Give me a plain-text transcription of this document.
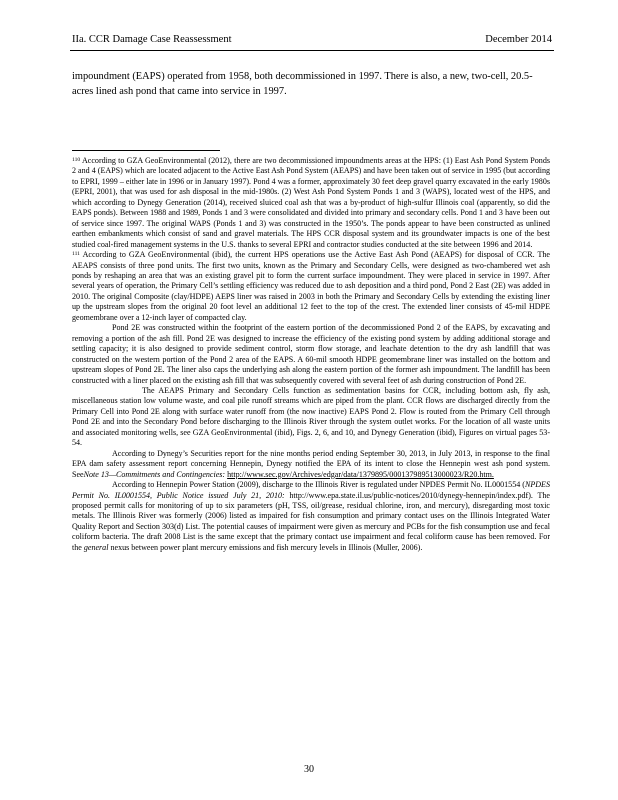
IIa. CCR Damage Case Reassessment	December 2014
impoundment (EAPS) operated from 1958, both decommissioned in 1997. There is also, a new, two-cell, 20.5-acres lined ash pond that came into service in 1997.

$^{110}$ According to GZA GeoEnvironmental (2012), there are two decommissioned impoundments areas at the HPS: (1) East Ash Pond System Ponds 2 and 4 (EAPS) which are located adjacent to the Active East Ash Pond System (AEAPS) and have been taken out of service in 1995 (but according to EPRI, 1999 – either late in 1996 or in January 1997). Pond 4 was a former, approximately 30 feet deep gravel quarry excavated in the early 1980s (EPRI, 2001), that was used for ash disposal in the mid-1980s. (2) West Ash Pond System Ponds 1 and 3 (WAPS), located west of the HPS, and which according to Dynegy Generation (2014), received sluiced coal ash that was a by-product of high-sulfur Illinois coal (apparently, so did the EAPS ponds). Between 1988 and 1989, Ponds 1 and 3 were consolidated and divided into primary and secondary cells. Pond 1 and 3 have been out of service since 1997. The original WAPS (Ponds 1 and 3) was constructed in the 1950’s. The ponds appear to have been constructed as unlined earthen embankments which consist of sand and gravel materials. The HPS CCR disposal system and its groundwater impacts is one of the best studied coal-fired management systems in the U.S. thanks to several EPRI and contractor studies conducted at the site between 1996 and 2014.

$^{111}$ According to GZA GeoEnvironmental (ibid), the current HPS operations use the Active East Ash Pond (AEAPS) for disposal of CCR. The AEAPS consists of three pond units. The first two units, known as the Primary and Secondary Cells, were designed as two-chambered wet ash ponds by reshaping an area that was an existing gravel pit to form the current surface impoundment. They were placed in service in 1997. After several years of operation, the Primary Cell’s settling efficiency was reduced due to ash deposition and a third pond, Pond 2 East (2E) was added in 2010. The original Composite (clay/HDPE) AEPS liner was raised in 2003 in both the Primary and Secondary Cells by extending the existing liner up the upstream slopes from the original 20 foot level an additional 12 feet to the top of the crest. The extended liner consists of 45-mil HDPE geomembrane over a 12-inch layer of compacted clay.

Pond 2E was constructed within the footprint of the eastern portion of the decommissioned Pond 2 of the EAPS, by excavating and removing a portion of the ash fill. Pond 2E was designed to increase the efficiency of the existing pond system by adding additional storage and settling capacity; it is also designed to provide sediment control, storm flow storage, and leachate detention to the dry ash landfill that was constructed on the western portion of the Pond 2 area of the EAPS. A 60-mil smooth HDPE geomembrane liner was installed on the bottom and upstream slopes of Pond 2E. The liner also caps the underlying ash along the eastern portion of the former ash impoundment. The landfill has been constructed with a liner placed on the existing ash fill that was subsequently covered with several feet of ash during construction of Pond 2E.

The AEAPS Primary and Secondary Cells function as sedimentation basins for CCR, including bottom ash, fly ash, miscellaneous station low volume waste, and coal pile runoff streams which are piped from the plant. CCR flows are discharged directly from the Primary Cell into Pond 2E along with surface water runoff from (the now inactive) EAPS Pond 2. Flow is routed from the Primary Cell through Pond 2E and into the Secondary Pond before discharging to the Illinois River through the system outlet works. For the location of all waste units and associated monitoring wells, see GZA GeoEnvironmental (ibid), Figs. 2, 6, and 10, and Dynegy Generation (ibid), Figures on virtual pages 53-54.

According to Dynegy’s Securities report for the nine months period ending September 30, 2013, in July 2013, in response to the final EPA dam safety assessment report concerning Hennepin, Dynegy notified the EPA of its intent to close the Hennepin west ash pond system. SeeNote 13—Commitments and Contingencies: http://www.sec.gov/Archives/edgar/data/1379895/000137989513000023/R20.htm.

According to Hennepin Power Station (2009), discharge to the Illinois River is regulated under NPDES Permit No. IL0001554 (NPDES Permit No. IL0001554, Public Notice issued July 21, 2010: http://www.epa.state.il.us/public-notices/2010/dynegy-hennepin/index.pdf). The proposed permit calls for monitoring of up to six parameters (pH, TSS, oil/grease, residual chlorine, iron, and mercury), disregarding most toxic metals. The Illinois River was formerly (2006) listed as impaired for fish consumption and primary contact uses on the Illinois Integrated Water Quality Report and Section 303(d) List. The potential causes of impairment were given as mercury and PCBs for the fish consumption use and fecal coliform bacteria. The draft 2008 List is the same except that the primary contact use impairment and fecal coliform cause has been removed. For the general nexus between power plant mercury emissions and fish mercury levels in Illinois (Muller, 2006).

30
